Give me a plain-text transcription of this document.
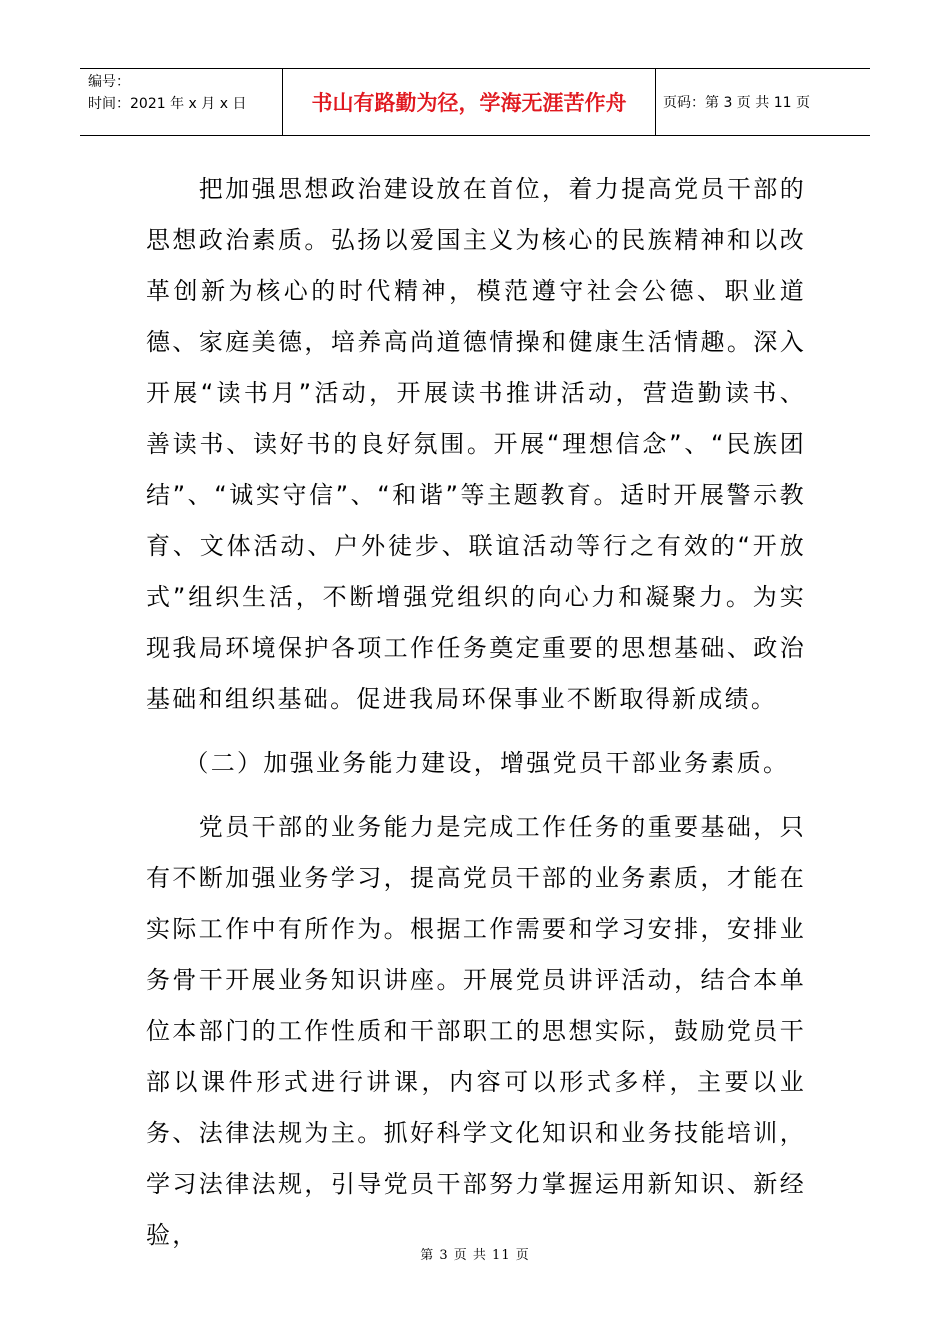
编号：
时间：2021 年 x 月 x 日	书山有路勤为径，学海无涯苦作舟	页码：第 3 页 共 11 页

把加强思想政治建设放在首位，着力提高党员干部的思想政治素质。弘扬以爱国主义为核心的民族精神和以改革创新为核心的时代精神，模范遵守社会公德、职业道德、家庭美德，培养高尚道德情操和健康生活情趣。深入开展“读书月”活动，开展读书推讲活动，营造勤读书、善读书、读好书的良好氛围。开展“理想信念”、“民族团结”、“诚实守信”、“和谐”等主题教育。适时开展警示教育、文体活动、户外徒步、联谊活动等行之有效的“开放式”组织生活，不断增强党组织的向心力和凝聚力。为实现我局环境保护各项工作任务奠定重要的思想基础、政治基础和组织基础。促进我局环保事业不断取得新成绩。

（二）加强业务能力建设，增强党员干部业务素质。

党员干部的业务能力是完成工作任务的重要基础，只有不断加强业务学习，提高党员干部的业务素质，才能在实际工作中有所作为。根据工作需要和学习安排，安排业务骨干开展业务知识讲座。开展党员讲评活动，结合本单位本部门的工作性质和干部职工的思想实际，鼓励党员干部以课件形式进行讲课，内容可以形式多样，主要以业务、法律法规为主。抓好科学文化知识和业务技能培训，学习法律法规，引导党员干部努力掌握运用新知识、新经验，

第 3 页 共 11 页
